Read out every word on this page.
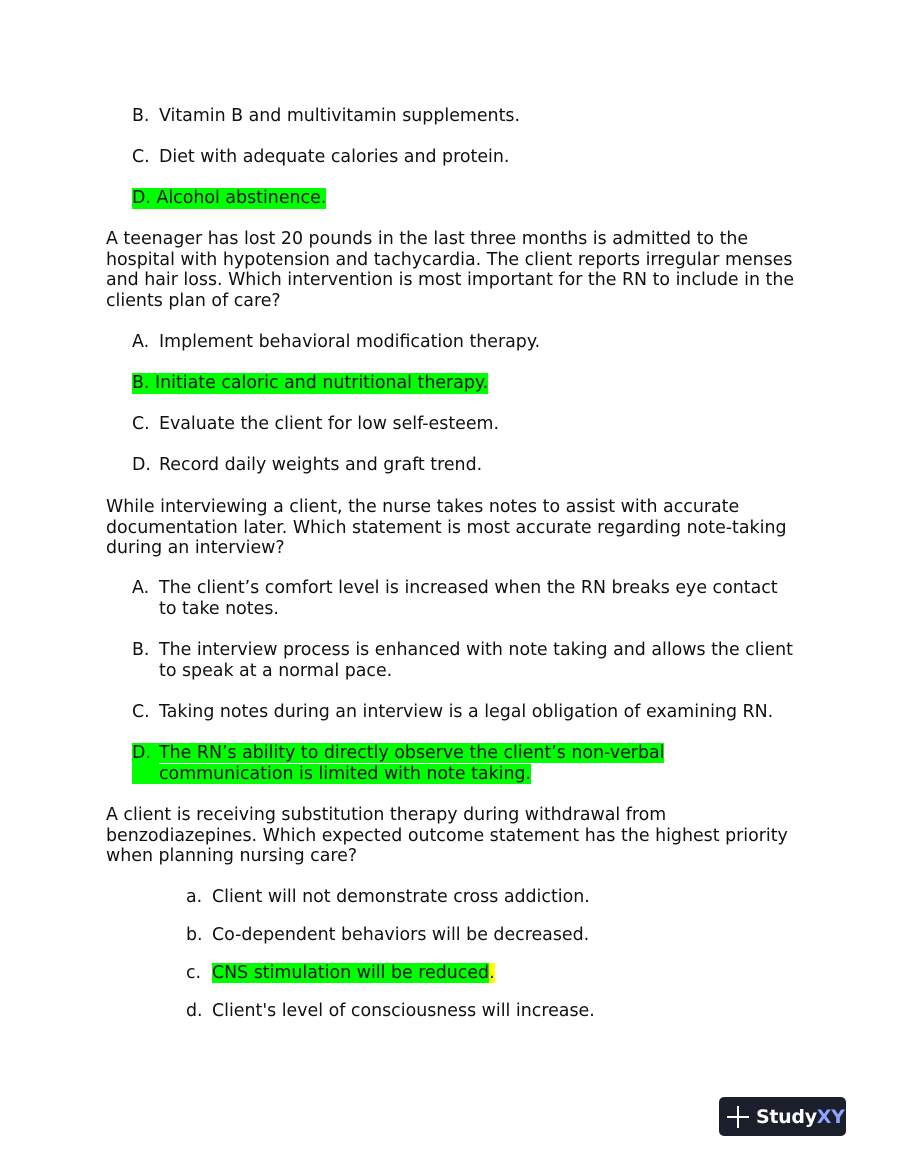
B. Vitamin B and multivitamin supplements.
C. Diet with adequate calories and protein.
D. Alcohol abstinence.

A teenager has lost 20 pounds in the last three months is admitted to the hospital with hypotension and tachycardia. The client reports irregular menses and hair loss. Which intervention is most important for the RN to include in the clients plan of care?

A. Implement behavioral modification therapy.
B. Initiate caloric and nutritional therapy.
C. Evaluate the client for low self-esteem.
D. Record daily weights and graft trend.

While interviewing a client, the nurse takes notes to assist with accurate documentation later. Which statement is most accurate regarding note-taking during an interview?

A. The client’s comfort level is increased when the RN breaks eye contact to take notes.
B. The interview process is enhanced with note taking and allows the client to speak at a normal pace.
C. Taking notes during an interview is a legal obligation of examining RN.
D. The RN’s ability to directly observe the client’s non-verbal communication is limited with note taking.

A client is receiving substitution therapy during withdrawal from benzodiazepines. Which expected outcome statement has the highest priority when planning nursing care?

a. Client will not demonstrate cross addiction.
b. Co-dependent behaviors will be decreased.
c. CNS stimulation will be reduced.
d. Client's level of consciousness will increase.
StudyXY
